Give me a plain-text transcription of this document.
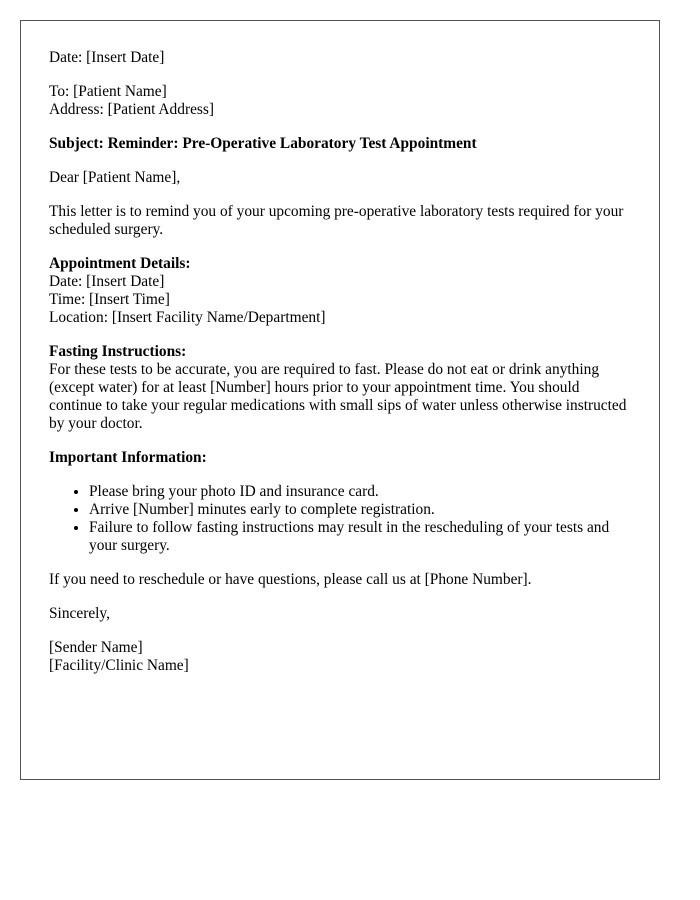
Date: [Insert Date]
To: [Patient Name]
Address: [Patient Address]
Subject: Reminder: Pre-Operative Laboratory Test Appointment
Dear [Patient Name],
This letter is to remind you of your upcoming pre-operative laboratory tests required for your scheduled surgery.
Appointment Details:
Date: [Insert Date]
Time: [Insert Time]
Location: [Insert Facility Name/Department]
Fasting Instructions:
For these tests to be accurate, you are required to fast. Please do not eat or drink anything (except water) for at least [Number] hours prior to your appointment time. You should continue to take your regular medications with small sips of water unless otherwise instructed by your doctor.
Important Information:
• Please bring your photo ID and insurance card.
• Arrive [Number] minutes early to complete registration.
• Failure to follow fasting instructions may result in the rescheduling of your tests and your surgery.
If you need to reschedule or have questions, please call us at [Phone Number].
Sincerely,
[Sender Name]
[Facility/Clinic Name]
